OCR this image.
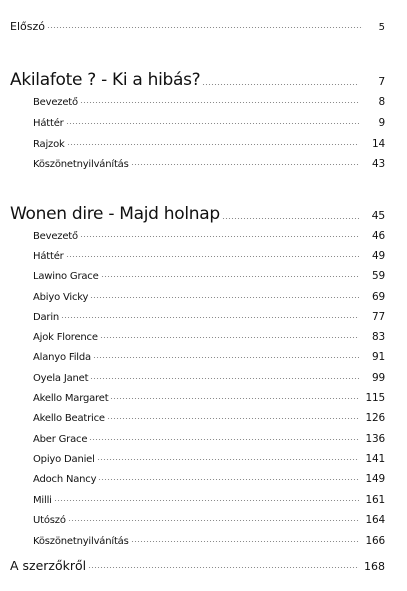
Előszó	5
Akilafote ? - Ki a hibás?	7
Bevezető	8
Háttér	9
Rajzok	14
Köszönetnyilvánítás	43
Wonen dire - Majd holnap	45
Bevezető	46
Háttér	49
Lawino Grace	59
Abiyo Vicky	69
Darin	77
Ajok Florence	83
Alanyo Filda	91
Oyela Janet	99
Akello Margaret	115
Akello Beatrice	126
Aber Grace	136
Opiyo Daniel	141
Adoch Nancy	149
Milli	161
Utószó	164
Köszönetnyilvánítás	166
A szerzőkről	168
